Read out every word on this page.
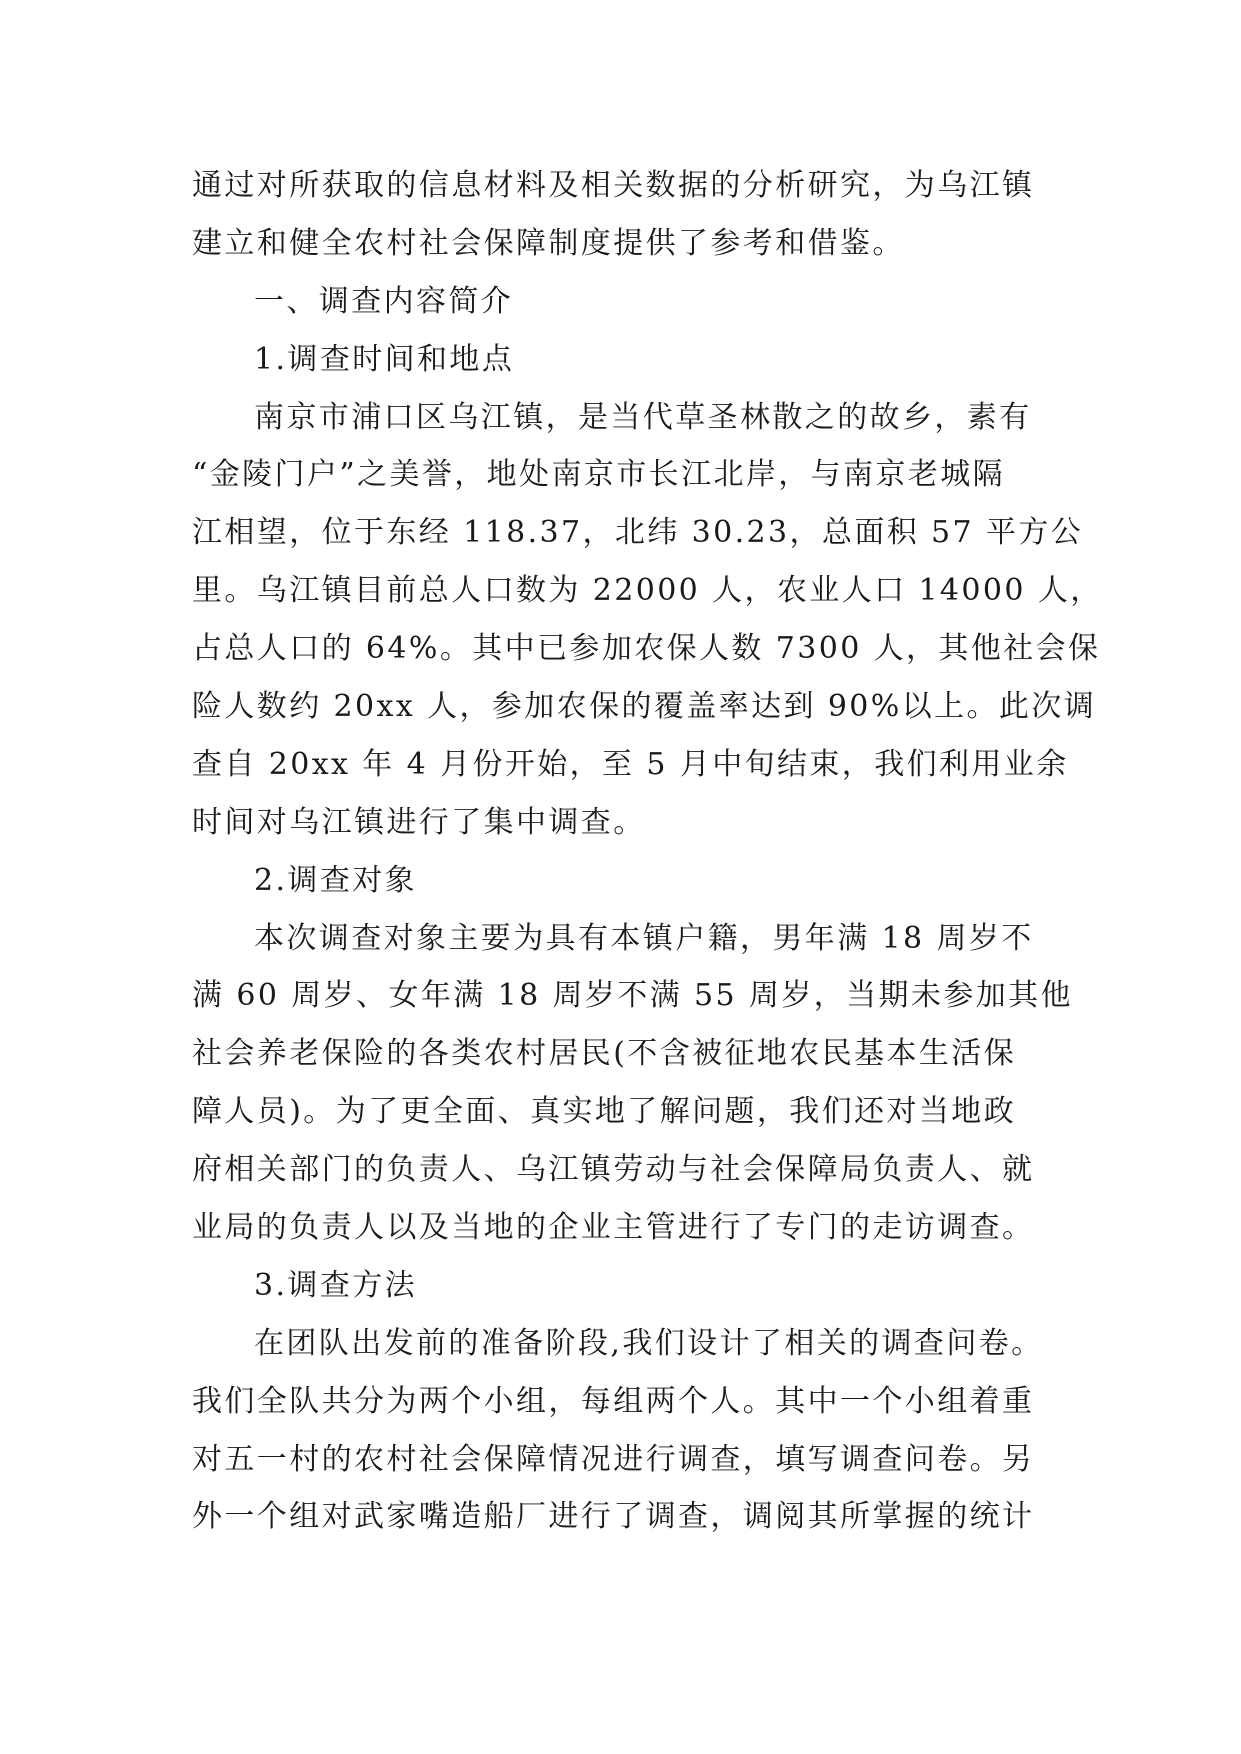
通过对所获取的信息材料及相关数据的分析研究，为乌江镇
建立和健全农村社会保障制度提供了参考和借鉴。
一、调查内容简介
1.调查时间和地点
南京市浦口区乌江镇，是当代草圣林散之的故乡，素有
“金陵门户”之美誉，地处南京市长江北岸，与南京老城隔
江相望，位于东经 118.37，北纬 30.23，总面积 57 平方公
里。乌江镇目前总人口数为 22000 人，农业人口 14000 人，
占总人口的 64%。其中已参加农保人数 7300 人，其他社会保
险人数约 20xx 人，参加农保的覆盖率达到 90%以上。此次调
查自 20xx 年 4 月份开始，至 5 月中旬结束，我们利用业余
时间对乌江镇进行了集中调查。
2.调查对象
本次调查对象主要为具有本镇户籍，男年满 18 周岁不
满 60 周岁、女年满 18 周岁不满 55 周岁，当期未参加其他
社会养老保险的各类农村居民(不含被征地农民基本生活保
障人员)。为了更全面、真实地了解问题，我们还对当地政
府相关部门的负责人、乌江镇劳动与社会保障局负责人、就
业局的负责人以及当地的企业主管进行了专门的走访调查。
3.调查方法
在团队出发前的准备阶段,我们设计了相关的调查问卷。
我们全队共分为两个小组，每组两个人。其中一个小组着重
对五一村的农村社会保障情况进行调查，填写调查问卷。另
外一个组对武家嘴造船厂进行了调查，调阅其所掌握的统计
